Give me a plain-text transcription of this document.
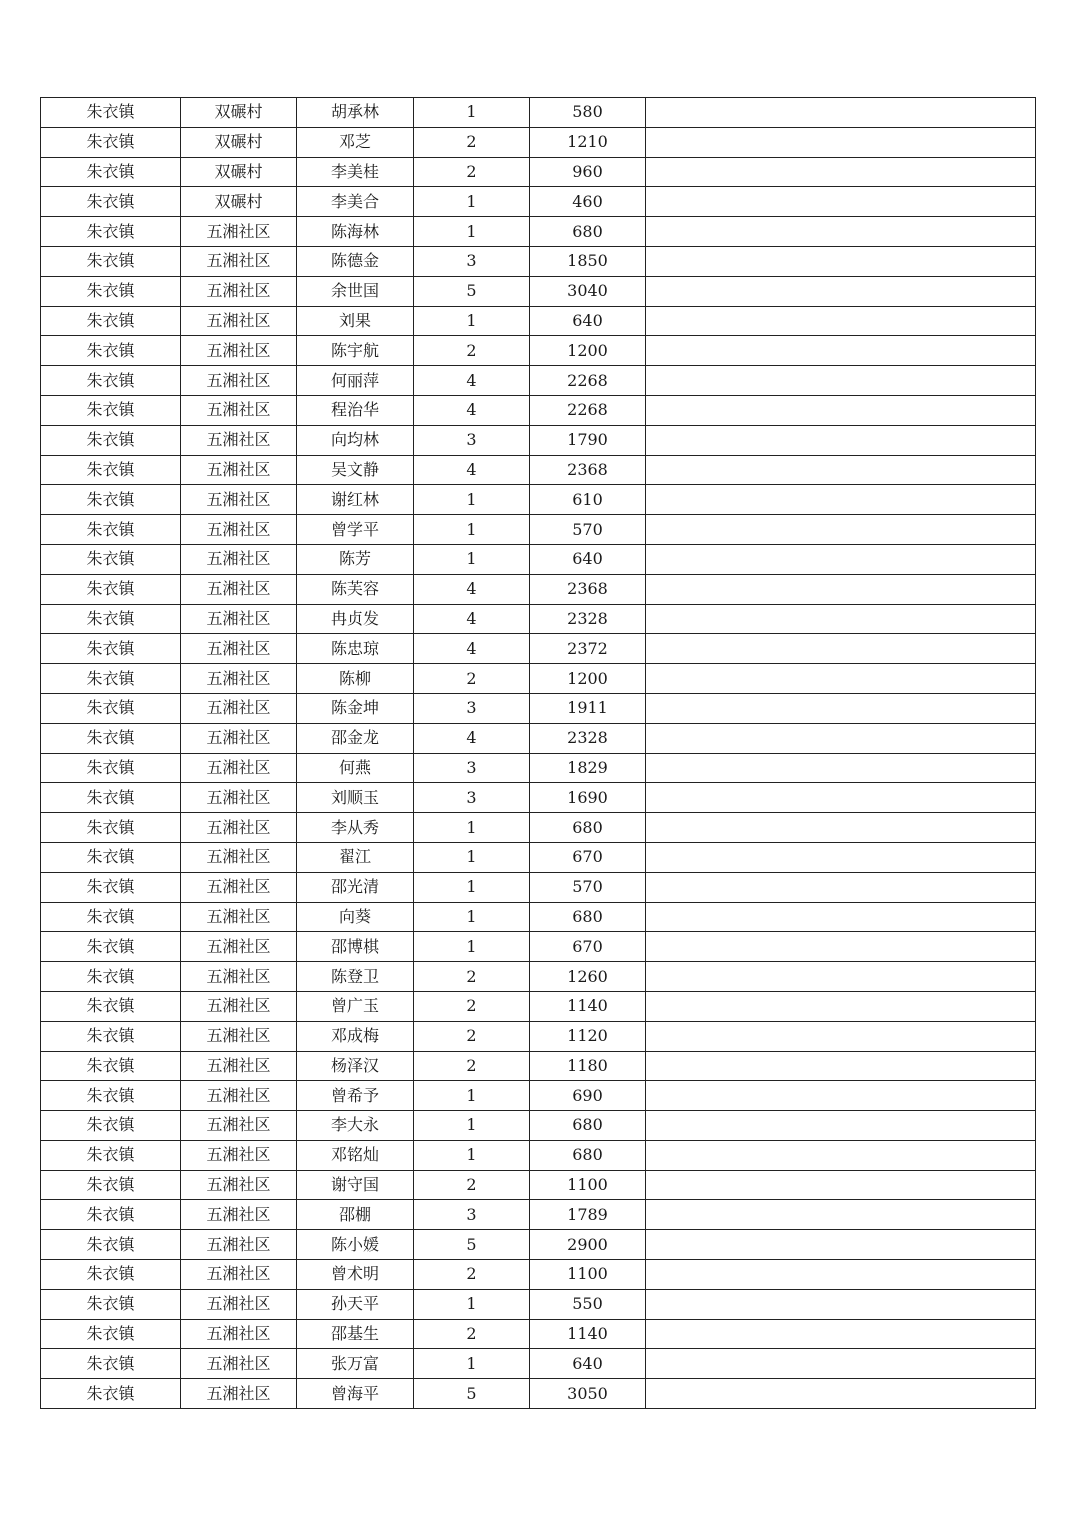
朱衣镇	双碾村	胡承林	1	580	
朱衣镇	双碾村	邓芝	2	1210	
朱衣镇	双碾村	李美桂	2	960	
朱衣镇	双碾村	李美合	1	460	
朱衣镇	五湘社区	陈海林	1	680	
朱衣镇	五湘社区	陈德金	3	1850	
朱衣镇	五湘社区	余世国	5	3040	
朱衣镇	五湘社区	刘果	1	640	
朱衣镇	五湘社区	陈宇航	2	1200	
朱衣镇	五湘社区	何丽萍	4	2268	
朱衣镇	五湘社区	程治华	4	2268	
朱衣镇	五湘社区	向均林	3	1790	
朱衣镇	五湘社区	吴文静	4	2368	
朱衣镇	五湘社区	谢红林	1	610	
朱衣镇	五湘社区	曾学平	1	570	
朱衣镇	五湘社区	陈芳	1	640	
朱衣镇	五湘社区	陈芙容	4	2368	
朱衣镇	五湘社区	冉贞发	4	2328	
朱衣镇	五湘社区	陈忠琼	4	2372	
朱衣镇	五湘社区	陈柳	2	1200	
朱衣镇	五湘社区	陈金坤	3	1911	
朱衣镇	五湘社区	邵金龙	4	2328	
朱衣镇	五湘社区	何燕	3	1829	
朱衣镇	五湘社区	刘顺玉	3	1690	
朱衣镇	五湘社区	李从秀	1	680	
朱衣镇	五湘社区	翟江	1	670	
朱衣镇	五湘社区	邵光清	1	570	
朱衣镇	五湘社区	向葵	1	680	
朱衣镇	五湘社区	邵博棋	1	670	
朱衣镇	五湘社区	陈登卫	2	1260	
朱衣镇	五湘社区	曾广玉	2	1140	
朱衣镇	五湘社区	邓成梅	2	1120	
朱衣镇	五湘社区	杨泽汉	2	1180	
朱衣镇	五湘社区	曾希予	1	690	
朱衣镇	五湘社区	李大永	1	680	
朱衣镇	五湘社区	邓铭灿	1	680	
朱衣镇	五湘社区	谢守国	2	1100	
朱衣镇	五湘社区	邵棚	3	1789	
朱衣镇	五湘社区	陈小媛	5	2900	
朱衣镇	五湘社区	曾术明	2	1100	
朱衣镇	五湘社区	孙天平	1	550	
朱衣镇	五湘社区	邵基生	2	1140	
朱衣镇	五湘社区	张万富	1	640	
朱衣镇	五湘社区	曾海平	5	3050	
